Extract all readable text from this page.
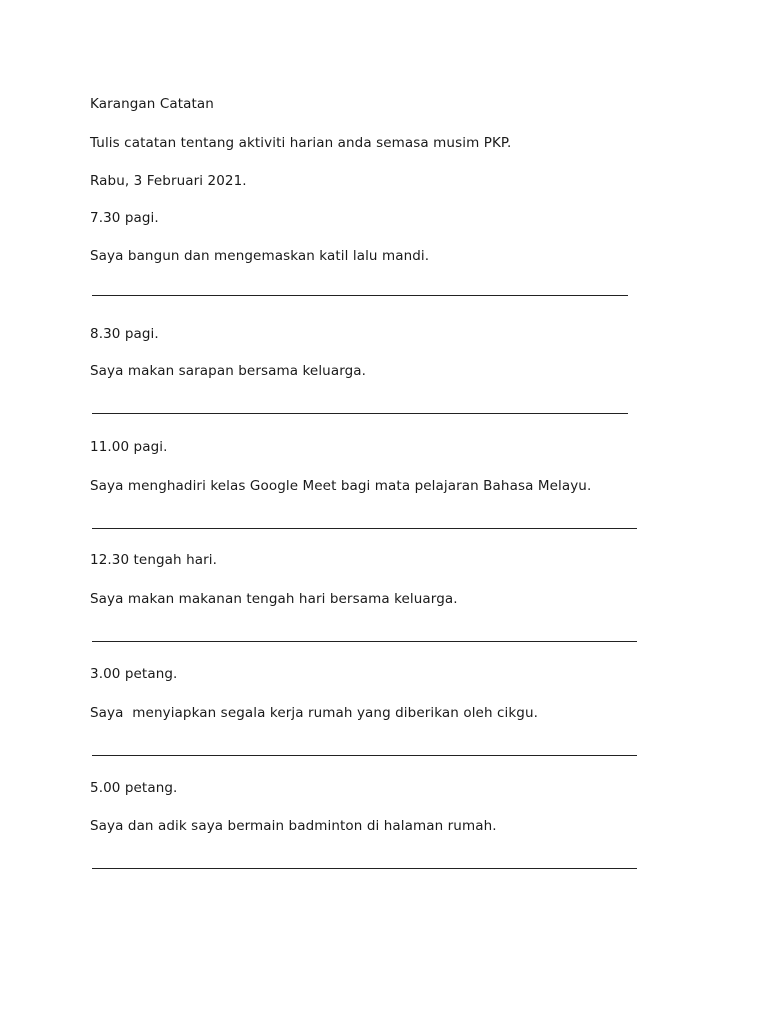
Karangan Catatan
Tulis catatan tentang aktiviti harian anda semasa musim PKP.
Rabu, 3 Februari 2021.
7.30 pagi.
Saya bangun dan mengemaskan katil lalu mandi.
8.30 pagi.
Saya makan sarapan bersama keluarga.
11.00 pagi.
Saya menghadiri kelas Google Meet bagi mata pelajaran Bahasa Melayu.
12.30 tengah hari.
Saya makan makanan tengah hari bersama keluarga.
3.00 petang.
Saya  menyiapkan segala kerja rumah yang diberikan oleh cikgu.
5.00 petang.
Saya dan adik saya bermain badminton di halaman rumah.
